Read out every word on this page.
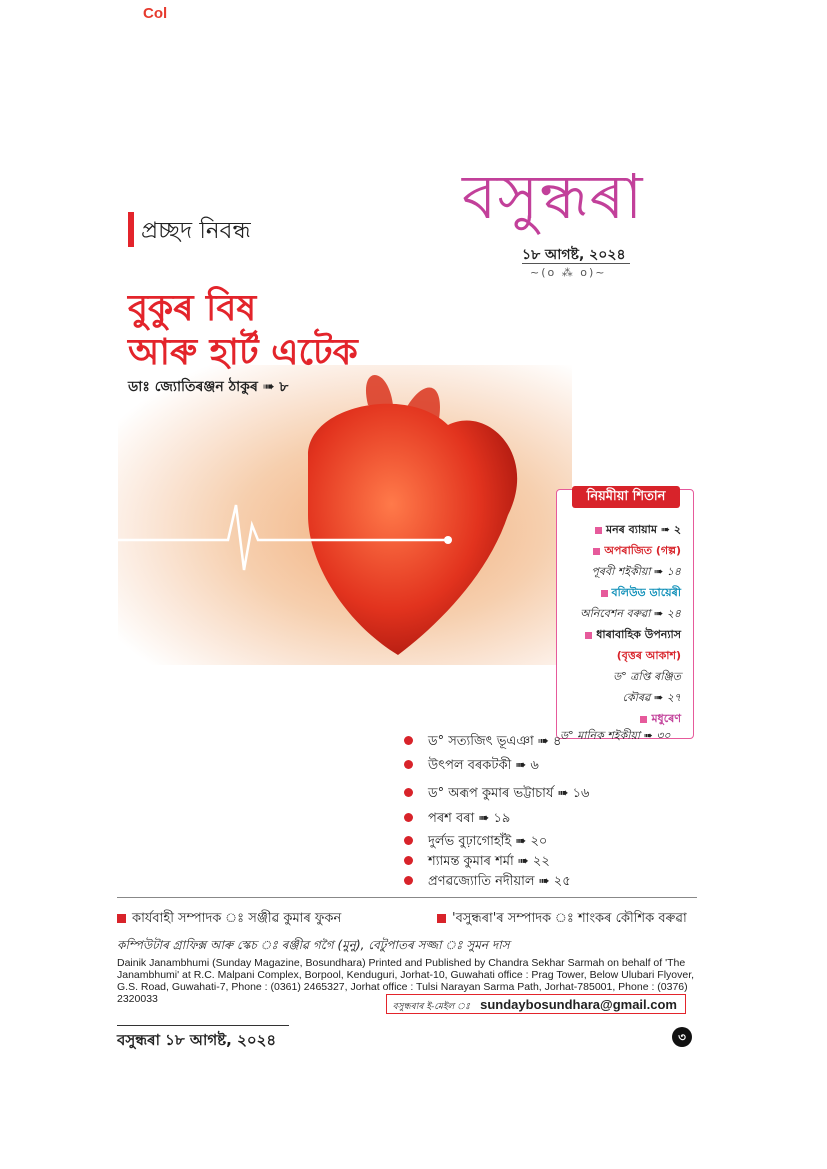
Col
বসুন্ধৰা
১৮ আগষ্ট, ২০২৪
~(o ⁂ o)~
প্ৰচ্ছদ নিবন্ধ
বুকুৰ বিষ
আৰু হাৰ্ট এটেক
ডাঃ জ্যোতিৰঞ্জন ঠাকুৰ ➠ ৮
মনৰ ব্যায়াম ➠ ২
অপৰাজিত (গল্প)
পূৰবী শইকীয়া ➠ ১৪
বলিউড ডায়েৰী
অনিবেশন বৰুৱা ➠ ২৪
ধাৰাবাহিক উপন্যাস
(বৃত্তৰ আকাশ)
ড° ত্ৰপ্তি ৰঞ্জিত
কৌৰৱ ➠ ২৭
মধুৰেণ
নিয়মীয়া শিতান
ড° মানিক শইকীয়া ➠ ৩০
ড° সত্যজিৎ ভূএঞা ➠ ৪
উৎপল বৰকটকী ➠ ৬
ড° অৰূপ কুমাৰ ভট্টাচাৰ্য ➠ ১৬
পৰশ বৰা ➠ ১৯
দুৰ্লভ বুঢ়াগোহাঁই ➠ ২০
শ্যামন্ত কুমাৰ শৰ্মা ➠ ২২
প্ৰণৱজ্যোতি নদীয়াল ➠ ২৫
কাৰ্যবাহী সম্পাদক ঃ সঞ্জীৱ কুমাৰ ফুকন	'বসুন্ধৰা'ৰ সম্পাদক ঃ শাংকৰ কৌশিক বৰুৱা
কম্পিউটাৰ গ্ৰাফিক্স আৰু স্কেচ ঃ ৰঞ্জীৱ গগৈ (মুনু), বেটুপাতৰ সজ্জা ঃ সুমন দাস
Dainik Janambhumi (Sunday Magazine, Bosundhara) Printed and Published by Chandra Sekhar Sarmah on behalf of 'The Janambhumi' at R.C. Malpani Complex, Borpool, Kenduguri, Jorhat-10, Guwahati office : Prag Tower, Below Ulubari Flyover, G.S. Road, Guwahati-7, Phone : (0361) 2465327, Jorhat office : Tulsi Narayan Sarma Path, Jorhat-785001, Phone : (0376) 2320033
বসুন্ধৰাৰ ই-মেইল ঃ sundaybosundhara@gmail.com
বসুন্ধৰা ১৮ আগষ্ট, ২০২৪	৩
